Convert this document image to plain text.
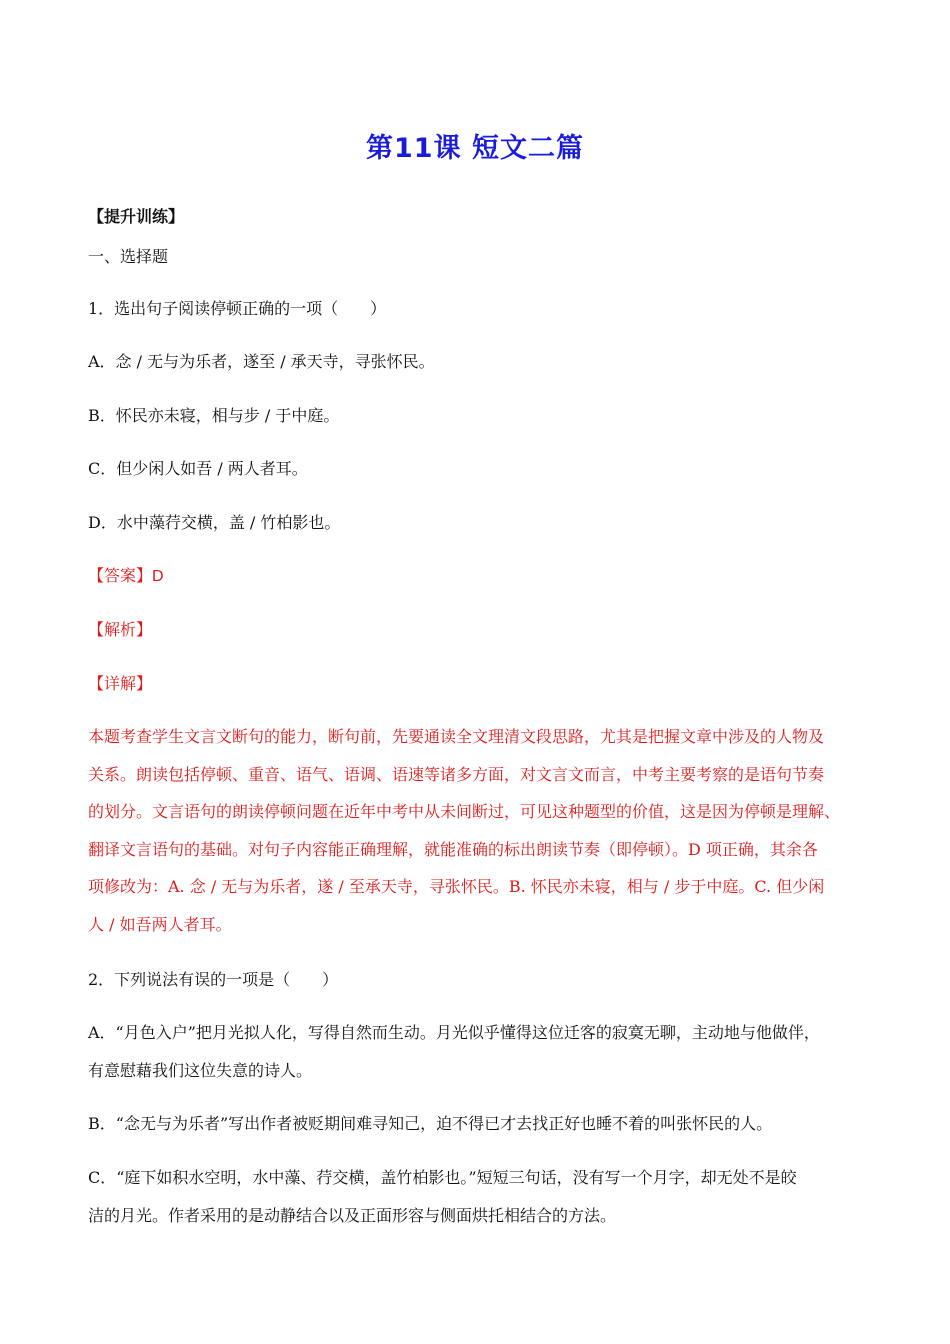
第11课 短文二篇
【提升训练】
一、选择题
1．选出句子阅读停顿正确的一项（　　）
A．念 / 无与为乐者，遂至 / 承天寺，寻张怀民。
B．怀民亦未寝，相与步 / 于中庭。
C．但少闲人如吾 / 两人者耳。
D．水中藻荇交横，盖 / 竹柏影也。
【答案】D
【解析】
【详解】
本题考查学生文言文断句的能力，断句前，先要通读全文理清文段思路，尤其是把握文章中涉及的人物及
关系。朗读包括停顿、重音、语气、语调、语速等诸多方面，对文言文而言，中考主要考察的是语句节奏
的划分。文言语句的朗读停顿问题在近年中考中从未间断过，可见这种题型的价值，这是因为停顿是理解、
翻译文言语句的基础。对句子内容能正确理解，就能准确的标出朗读节奏（即停顿）。D 项正确，其余各
项修改为：A. 念 / 无与为乐者，遂 / 至承天寺，寻张怀民。B. 怀民亦未寝，相与 / 步于中庭。C. 但少闲
人 / 如吾两人者耳。
2．下列说法有误的一项是（　　）
A．“月色入户”把月光拟人化，写得自然而生动。月光似乎懂得这位迁客的寂寞无聊，主动地与他做伴，
有意慰藉我们这位失意的诗人。
B．“念无与为乐者”写出作者被贬期间难寻知己，迫不得已才去找正好也睡不着的叫张怀民的人。
C．“庭下如积水空明，水中藻、荇交横，盖竹柏影也。”短短三句话，没有写一个月字，却无处不是皎
洁的月光。作者采用的是动静结合以及正面形容与侧面烘托相结合的方法。
